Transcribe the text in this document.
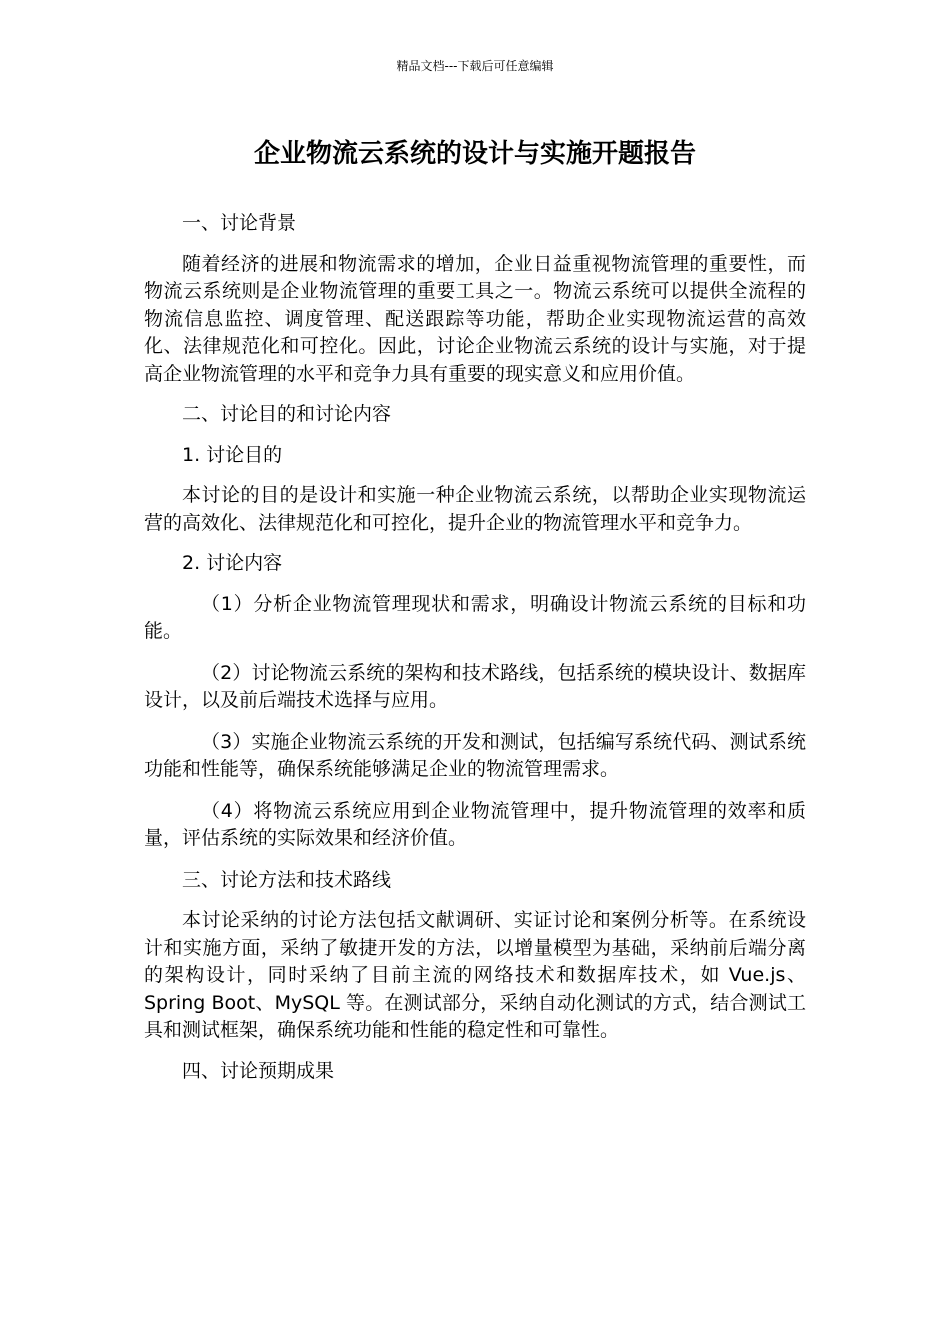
精品文档---下载后可任意编辑
企业物流云系统的设计与实施开题报告

一、讨论背景

随着经济的进展和物流需求的增加，企业日益重视物流管理的重要性，而物流云系统则是企业物流管理的重要工具之一。物流云系统可以提供全流程的物流信息监控、调度管理、配送跟踪等功能，帮助企业实现物流运营的高效化、法律规范化和可控化。因此，讨论企业物流云系统的设计与实施，对于提高企业物流管理的水平和竞争力具有重要的现实意义和应用价值。

二、讨论目的和讨论内容

1. 讨论目的

本讨论的目的是设计和实施一种企业物流云系统，以帮助企业实现物流运营的高效化、法律规范化和可控化，提升企业的物流管理水平和竞争力。

2. 讨论内容

（1）分析企业物流管理现状和需求，明确设计物流云系统的目标和功能。

（2）讨论物流云系统的架构和技术路线，包括系统的模块设计、数据库设计，以及前后端技术选择与应用。

（3）实施企业物流云系统的开发和测试，包括编写系统代码、测试系统功能和性能等，确保系统能够满足企业的物流管理需求。

（4）将物流云系统应用到企业物流管理中，提升物流管理的效率和质量，评估系统的实际效果和经济价值。

三、讨论方法和技术路线

本讨论采纳的讨论方法包括文献调研、实证讨论和案例分析等。在系统设计和实施方面，采纳了敏捷开发的方法，以增量模型为基础，采纳前后端分离的架构设计，同时采纳了目前主流的网络技术和数据库技术，如 Vue.js、Spring Boot、MySQL 等。在测试部分，采纳自动化测试的方式，结合测试工具和测试框架，确保系统功能和性能的稳定性和可靠性。

四、讨论预期成果
